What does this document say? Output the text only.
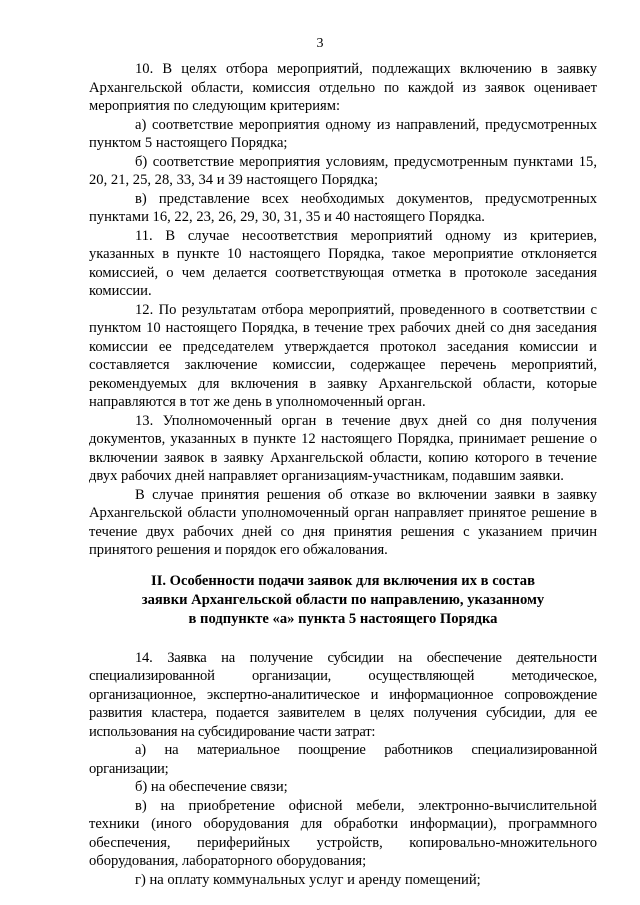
3

10. В целях отбора мероприятий, подлежащих включению в заявку Архангельской области, комиссия отдельно по каждой из заявок оценивает мероприятия по следующим критериям:

а) соответствие мероприятия одному из направлений, предусмотренных пунктом 5 настоящего Порядка;

б) соответствие мероприятия условиям, предусмотренным пунктами 15, 20, 21, 25, 28, 33, 34 и 39 настоящего Порядка;

в) представление всех необходимых документов, предусмотренных пунктами 16, 22, 23, 26, 29, 30, 31, 35 и 40 настоящего Порядка.

11. В случае несоответствия мероприятий одному из критериев, указанных в пункте 10 настоящего Порядка, такое мероприятие отклоняется комиссией, о чем делается соответствующая отметка в протоколе заседания комиссии.

12. По результатам отбора мероприятий, проведенного в соответствии с пунктом 10 настоящего Порядка, в течение трех рабочих дней со дня заседания комиссии ее председателем утверждается протокол заседания комиссии и составляется заключение комиссии, содержащее перечень мероприятий, рекомендуемых для включения в заявку Архангельской области, которые направляются в тот же день в уполномоченный орган.

13. Уполномоченный орган в течение двух дней со дня получения документов, указанных в пункте 12 настоящего Порядка, принимает решение о включении заявок в заявку Архангельской области, копию которого в течение двух рабочих дней направляет организациям-участникам, подавшим заявки.

В случае принятия решения об отказе во включении заявки в заявку Архангельской области уполномоченный орган направляет принятое решение в течение двух рабочих дней со дня принятия решения с указанием причин принятого решения и порядок его обжалования.

II. Особенности подачи заявок для включения их в состав
заявки Архангельской области по направлению, указанному
в подпункте «а» пункта 5 настоящего Порядка

14. Заявка на получение субсидии на обеспечение деятельности специализированной организации, осуществляющей методическое, организационное, экспертно-аналитическое и информационное сопровождение развития кластера, подается заявителем в целях получения субсидии, для ее использования на субсидирование части затрат:

а) на материальное поощрение работников специализированной организации;

б) на обеспечение связи;

в) на приобретение офисной мебели, электронно-вычислительной техники (иного оборудования для обработки информации), программного обеспечения, периферийных устройств, копировально-множительного оборудования, лабораторного оборудования;

г) на оплату коммунальных услуг и аренду помещений;
